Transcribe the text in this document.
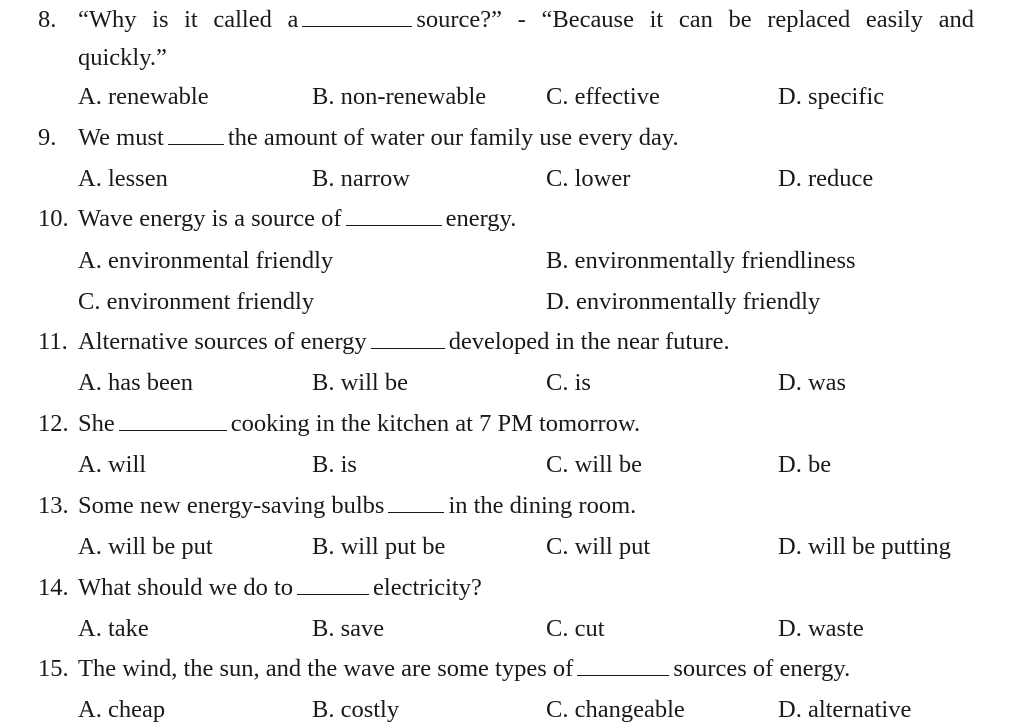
8. “Why is it called a	source?” - “Because it can be replaced easily and
quickly.”
A. renewable	B. non-renewable C. effective	D. specific
9. We must	the amount of water our family use every day.
A. lessen	B. narrow	C. lower	D. reduce
10. Wave energy is a source of	energy.
A. environmental friendly	B. environmentally friendliness
C. environment friendly	D. environmentally friendly
11. Alternative sources of energy	developed in the near future.
A. has been	B. will be	C. is	D. was
12. She	cooking in the kitchen at 7 PM tomorrow.
A. will	B. is	C. will be	D. be
13. Some new energy-saving bulbs	in the dining room.
A. will be put	B. will put be	C. will put	D. will be putting
14. What should we do to	electricity?
A. take	B. save	C. cut	D. waste
15. The wind, the sun, and the wave are some types of	sources of energy.
A. cheap	B. costly	C. changeable	D. alternative
